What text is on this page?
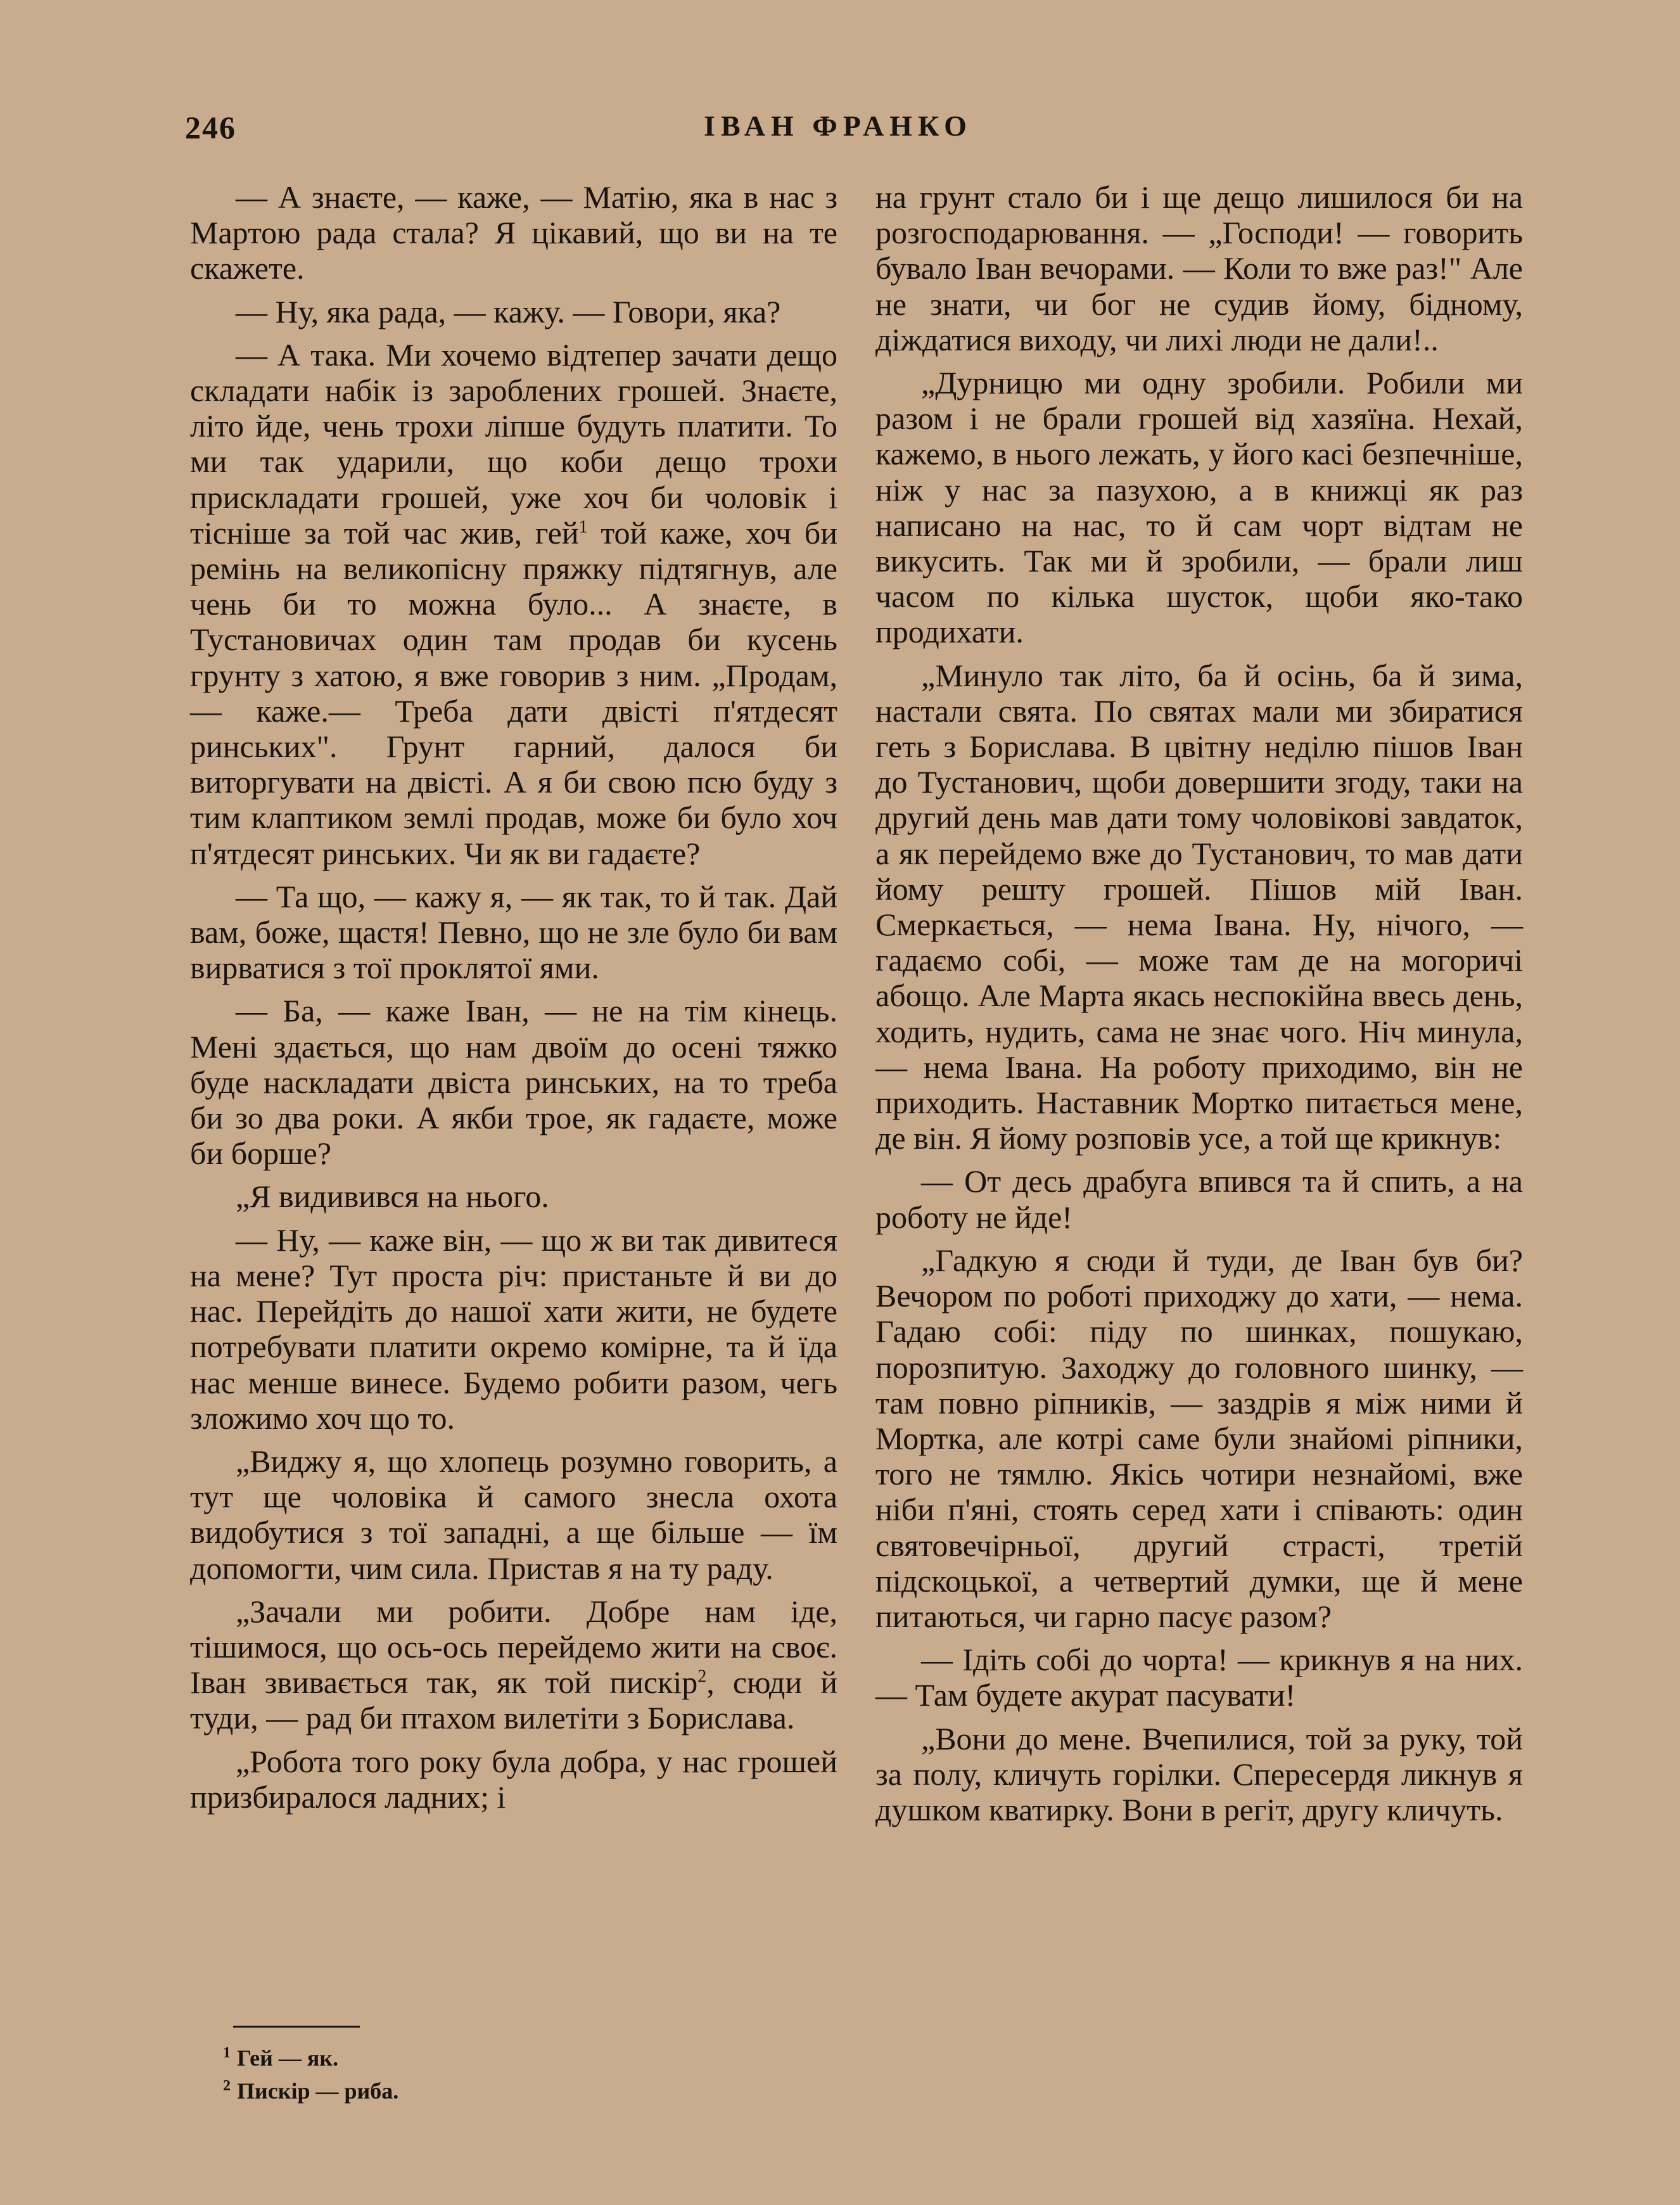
246	ІВАН ФРАНКО

— А знаєте, — каже, — Матію, яка в нас з Мартою рада стала? Я цікавий, що ви на те скажете.

— Ну, яка рада, — кажу. — Говори, яка?

— А така. Ми хочемо відтепер зачати дещо складати набік із зароблених грошей. Знаєте, літо йде, чень трохи ліпше будуть платити. То ми так ударили, що коби дещо трохи прискладати грошей, уже хоч би чоловік і тісніше за той час жив, гей$^1$ той каже, хоч би ремінь на великопісну пряжку підтягнув, але чень би то можна було... А знаєте, в Тустановичах один там продав би кусень грунту з хатою, я вже говорив з ним. „Продам,— каже.— Треба дати двісті п'ятдесят ринських". Грунт гарний, далося би виторгувати на двісті. А я би свою псю буду з тим клаптиком землі продав, може би було хоч п'ятдесят ринських. Чи як ви гадаєте?

— Та що, — кажу я, — як так, то й так. Дай вам, боже, щастя! Певно, що не зле було би вам вирватися з тої проклятої ями.

— Ба, — каже Іван, — не на тім кінець. Мені здається, що нам двоїм до осені тяжко буде наскладати двіста ринських, на то треба би зо два роки. А якби трое, як гадаєте, може би борше?

„Я видивився на нього.

— Ну, — каже він, — що ж ви так дивитеся на мене? Тут проста річ: пристаньте й ви до нас. Перейдіть до нашої хати жити, не будете потребувати платити окремо комірне, та й їда нас менше винесе. Будемо робити разом, чегь зложимо хоч що то.

„Виджу я, що хлопець розумно говорить, а тут ще чоловіка й самого знесла охота видобутися з тої западні, а ще більше — їм допомогти, чим сила. Пристав я на ту раду.

„Зачали ми робити. Добре нам іде, тішимося, що ось-ось перейдемо жити на своє. Іван звивається так, як той пискір$^2$, сюди й туди, — рад би птахом вилетіти з Борислава.

„Робота того року була добра, у нас грошей призбиралося ладних; і

на грунт стало би і ще дещо лишилося би на розгосподарювання. — „Господи! — говорить бувало Іван вечорами. — Коли то вже раз!" Але не знати, чи бог не судив йому, бідному, діждатися виходу, чи лихі люди не дали!..

„Дурницю ми одну зробили. Робили ми разом і не брали грошей від хазяїна. Нехай, кажемо, в нього лежать, у його касі безпечніше, ніж у нас за пазухою, а в книжці як раз написано на нас, то й сам чорт відтам не викусить. Так ми й зробили, — брали лиш часом по кілька шусток, щоби яко-тако продихати.

„Минуло так літо, ба й осінь, ба й зима, настали свята. По святах мали ми збиратися геть з Борислава. В цвітну неділю пішов Іван до Тустанович, щоби довершити згоду, таки на другий день мав дати тому чоловікові завдаток, а як перейдемо вже до Тустанович, то мав дати йому решту грошей. Пішов мій Іван. Смеркається, — нема Івана. Ну, нічого, — гадаємо собі, — може там де на могоричі абощо. Але Марта якась неспокійна ввесь день, ходить, нудить, сама не знає чого. Ніч минула, — нема Івана. На роботу приходимо, він не приходить. Наставник Мортко питається мене, де він. Я йому розповів усе, а той ще крикнув:

— От десь драбуга впився та й спить, а на роботу не йде!

„Гадкую я сюди й туди, де Іван був би? Вечором по роботі приходжу до хати, — нема. Гадаю собі: піду по шинках, пошукаю, порозпитую. Заходжу до головного шинку, — там повно ріпників, — заздрів я між ними й Мортка, але котрі саме були знайомі ріпники, того не тямлю. Якісь чотири незнайомі, вже ніби п'яні, стоять серед хати і співають: один святовечірньої, другий страсті, третій підскоцької, а четвертий думки, ще й мене питаються, чи гарно пасує разом?

— Ідіть собі до чорта! — крикнув я на них. — Там будете акурат пасувати!

„Вони до мене. Вчепилися, той за руку, той за полу, кличуть горілки. Спересердя ликнув я душком кватирку. Вони в регіт, другу кличуть.

$^1$ Гей — як.
$^2$ Пискір — риба.
